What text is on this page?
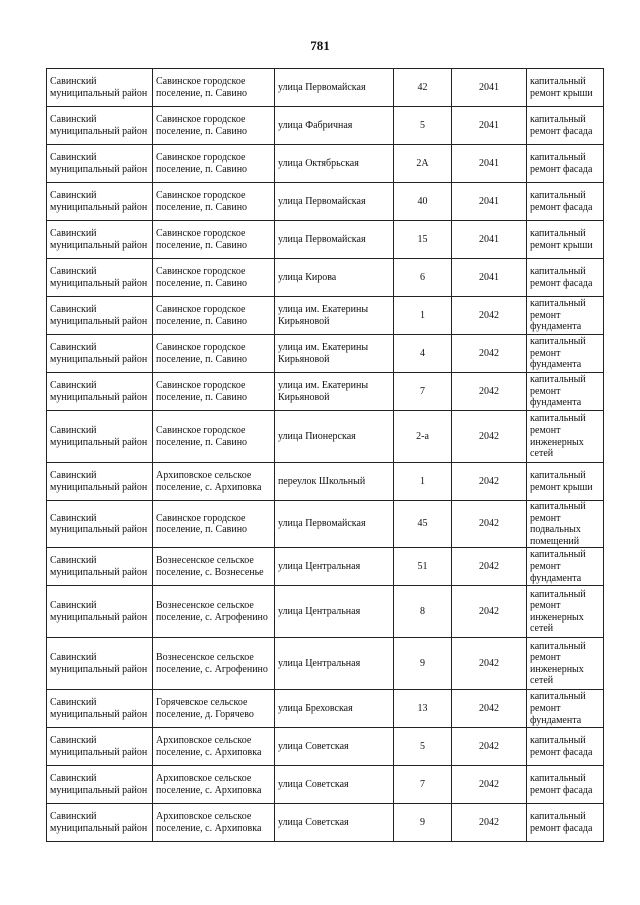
781
Савинский муниципальный район	Савинское городское поселение, п. Савино	улица Первомайская	42	2041	капитальный ремонт крыши
Савинский муниципальный район	Савинское городское поселение, п. Савино	улица Фабричная	5	2041	капитальный ремонт фасада
Савинский муниципальный район	Савинское городское поселение, п. Савино	улица Октябрьская	2А	2041	капитальный ремонт фасада
Савинский муниципальный район	Савинское городское поселение, п. Савино	улица Первомайская	40	2041	капитальный ремонт фасада
Савинский муниципальный район	Савинское городское поселение, п. Савино	улица Первомайская	15	2041	капитальный ремонт крыши
Савинский муниципальный район	Савинское городское поселение, п. Савино	улица Кирова	6	2041	капитальный ремонт фасада
Савинский муниципальный район	Савинское городское поселение, п. Савино	улица им. Екатерины Кирьяновой	1	2042	капитальный ремонт фундамента
Савинский муниципальный район	Савинское городское поселение, п. Савино	улица им. Екатерины Кирьяновой	4	2042	капитальный ремонт фундамента
Савинский муниципальный район	Савинское городское поселение, п. Савино	улица им. Екатерины Кирьяновой	7	2042	капитальный ремонт фундамента
Савинский муниципальный район	Савинское городское поселение, п. Савино	улица Пионерская	2-а	2042	капитальный ремонт инженерных сетей
Савинский муниципальный район	Архиповское сельское поселение, с. Архиповка	переулок Школьный	1	2042	капитальный ремонт крыши
Савинский муниципальный район	Савинское городское поселение, п. Савино	улица Первомайская	45	2042	капитальный ремонт подвальных помещений
Савинский муниципальный район	Вознесенское сельское поселение, с. Вознесенье	улица Центральная	51	2042	капитальный ремонт фундамента
Савинский муниципальный район	Вознесенское сельское поселение, с. Агрофенино	улица Центральная	8	2042	капитальный ремонт инженерных сетей
Савинский муниципальный район	Вознесенское сельское поселение, с. Агрофенино	улица Центральная	9	2042	капитальный ремонт инженерных сетей
Савинский муниципальный район	Горячевское сельское поселение, д. Горячево	улица Бреховская	13	2042	капитальный ремонт фундамента
Савинский муниципальный район	Архиповское сельское поселение, с. Архиповка	улица Советская	5	2042	капитальный ремонт фасада
Савинский муниципальный район	Архиповское сельское поселение, с. Архиповка	улица Советская	7	2042	капитальный ремонт фасада
Савинский муниципальный район	Архиповское сельское поселение, с. Архиповка	улица Советская	9	2042	капитальный ремонт фасада
